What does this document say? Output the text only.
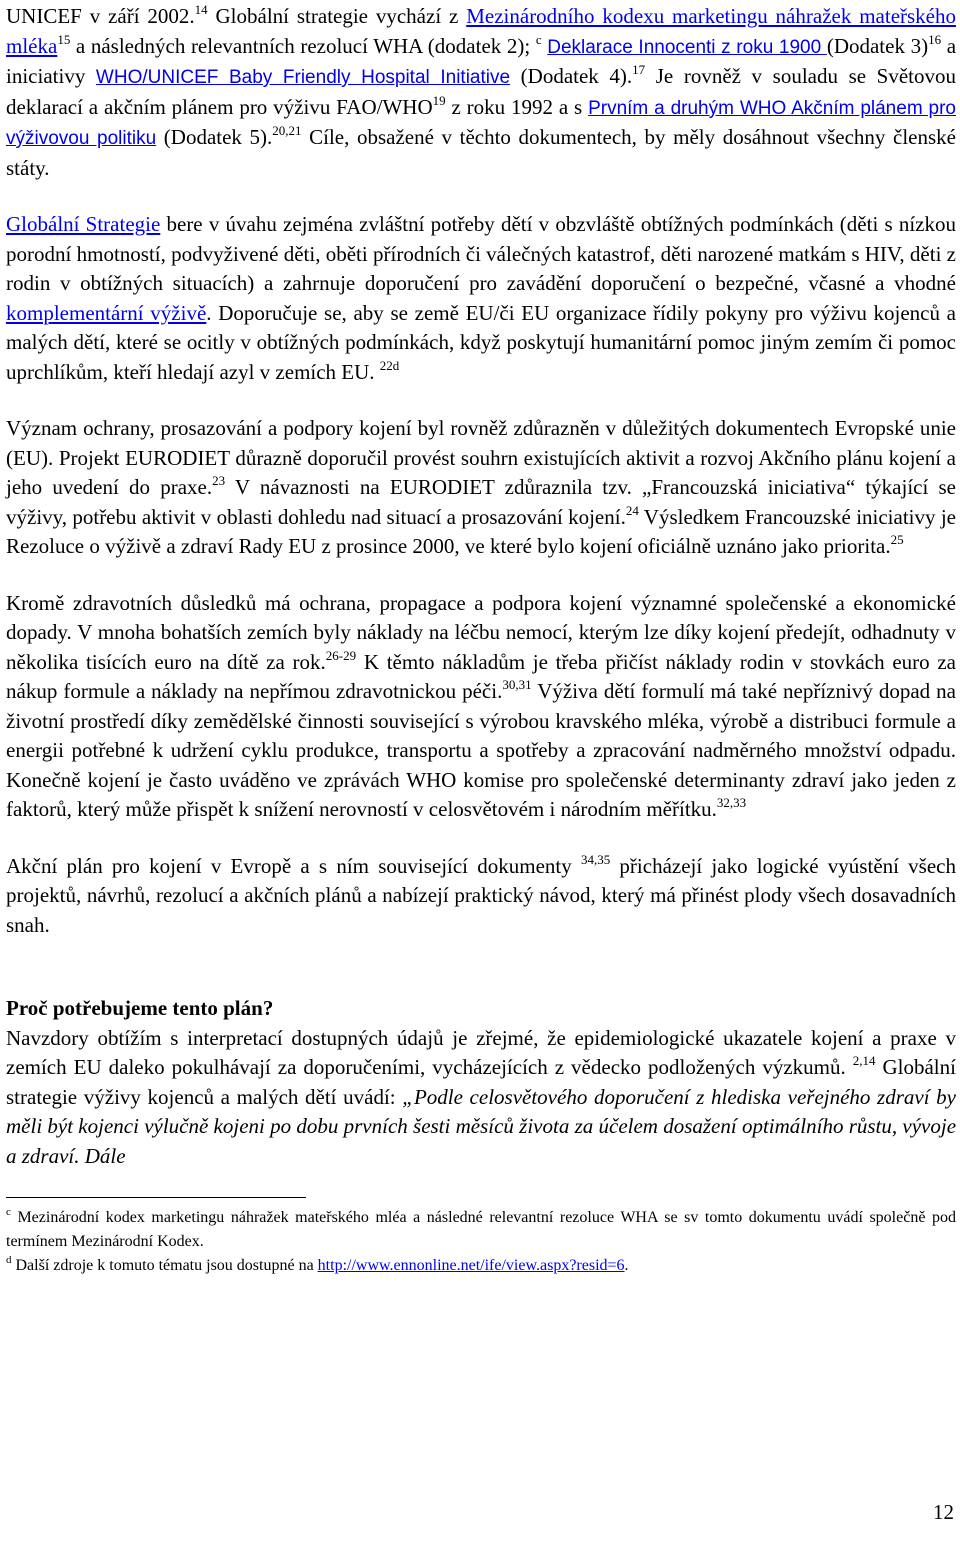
UNICEF v září 2002.14 Globální strategie vychází z Mezinárodního kodexu marketingu náhražek mateřského mléka$^{15}$ a následných relevantních rezolucí WHA (dodatek 2); $^c$ Deklarace Innocenti z roku 1900 (Dodatek 3)$^{16}$ a iniciativy WHO/UNICEF Baby Friendly Hospital Initiative (Dodatek 4).$^{17}$ Je rovněž v souladu se Světovou deklarací a akčním plánem pro výživu FAO/WHO$^{19}$ z roku 1992 a s Prvním a druhým WHO Akčním plánem pro výživovou politiku (Dodatek 5).$^{20,21}$ Cíle, obsažené v těchto dokumentech, by měly dosáhnout všechny členské státy.

Globální Strategie bere v úvahu zejména zvláštní potřeby dětí v obzvláště obtížných podmínkách (děti s nízkou porodní hmotností, podvyživené děti, oběti přírodních či válečných katastrof, děti narozené matkám s HIV, děti z rodin v obtížných situacích) a zahrnuje doporučení pro zavádění doporučení o bezpečné, včasné a vhodné komplementární výživě. Doporučuje se, aby se země EU/či EU organizace řídily pokyny pro výživu kojenců a malých dětí, které se ocitly v obtížných podmínkách, když poskytují humanitární pomoc jiným zemím či pomoc uprchlíkům, kteří hledají azyl v zemích EU. $^{22d}$

Význam ochrany, prosazování a podpory kojení byl rovněž zdůrazněn v důležitých dokumentech Evropské unie (EU). Projekt EURODIET důrazně doporučil provést souhrn existujících aktivit a rozvoj Akčního plánu kojení a jeho uvedení do praxe.$^{23}$ V návaznosti na EURODIET zdůraznila tzv. „Francouzská iniciativa“ týkající se výživy, potřebu aktivit v oblasti dohledu nad situací a prosazování kojení.$^{24}$ Výsledkem Francouzské iniciativy je Rezoluce o výživě a zdraví Rady EU z prosince 2000, ve které bylo kojení oficiálně uznáno jako priorita.$^{25}$

Kromě zdravotních důsledků má ochrana, propagace a podpora kojení významné společenské a ekonomické dopady. V mnoha bohatších zemích byly náklady na léčbu nemocí, kterým lze díky kojení předejít, odhadnuty v několika tisících euro na dítě za rok.$^{26-29}$ K těmto nákladům je třeba přičíst náklady rodin v stovkách euro za nákup formule a náklady na nepřímou zdravotnickou péči.$^{30,31}$ Výživa dětí formulí má také nepříznivý dopad na životní prostředí díky zemědělské činnosti související s výrobou kravského mléka, výrobě a distribuci formule a energii potřebné k udržení cyklu produkce, transportu a spotřeby a zpracování nadměrného množství odpadu. Konečně kojení je často uváděno ve zprávách WHO komise pro společenské determinanty zdraví jako jeden z faktorů, který může přispět k snížení nerovností v celosvětovém i národním měřítku.$^{32,33}$

Akční plán pro kojení v Evropě a s ním související dokumenty $^{34,35}$ přicházejí jako logické vyústění všech projektů, návrhů, rezolucí a akčních plánů a nabízejí praktický návod, který má přinést plody všech dosavadních snah.

Proč potřebujeme tento plán?

Navzdory obtížím s interpretací dostupných údajů je zřejmé, že epidemiologické ukazatele kojení a praxe v zemích EU daleko pokulhávají za doporučeními, vycházejících z vědecko podložených výzkumů. $^{2,14}$ Globální strategie výživy kojenců a malých dětí uvádí: „Podle celosvětového doporučení z hlediska veřejného zdraví by měli být kojenci výlučně kojeni po dobu prvních šesti měsíců života za účelem dosažení optimálního růstu, vývoje a zdraví. Dále

$^c$ Mezinárodní kodex marketingu náhražek mateřského mléa a následné relevantní rezoluce WHA se sv tomto dokumentu uvádí společně pod termínem Mezinárodní Kodex.

$^d$ Další zdroje k tomuto tématu jsou dostupné na http://www.ennonline.net/ife/view.aspx?resid=6.

12
